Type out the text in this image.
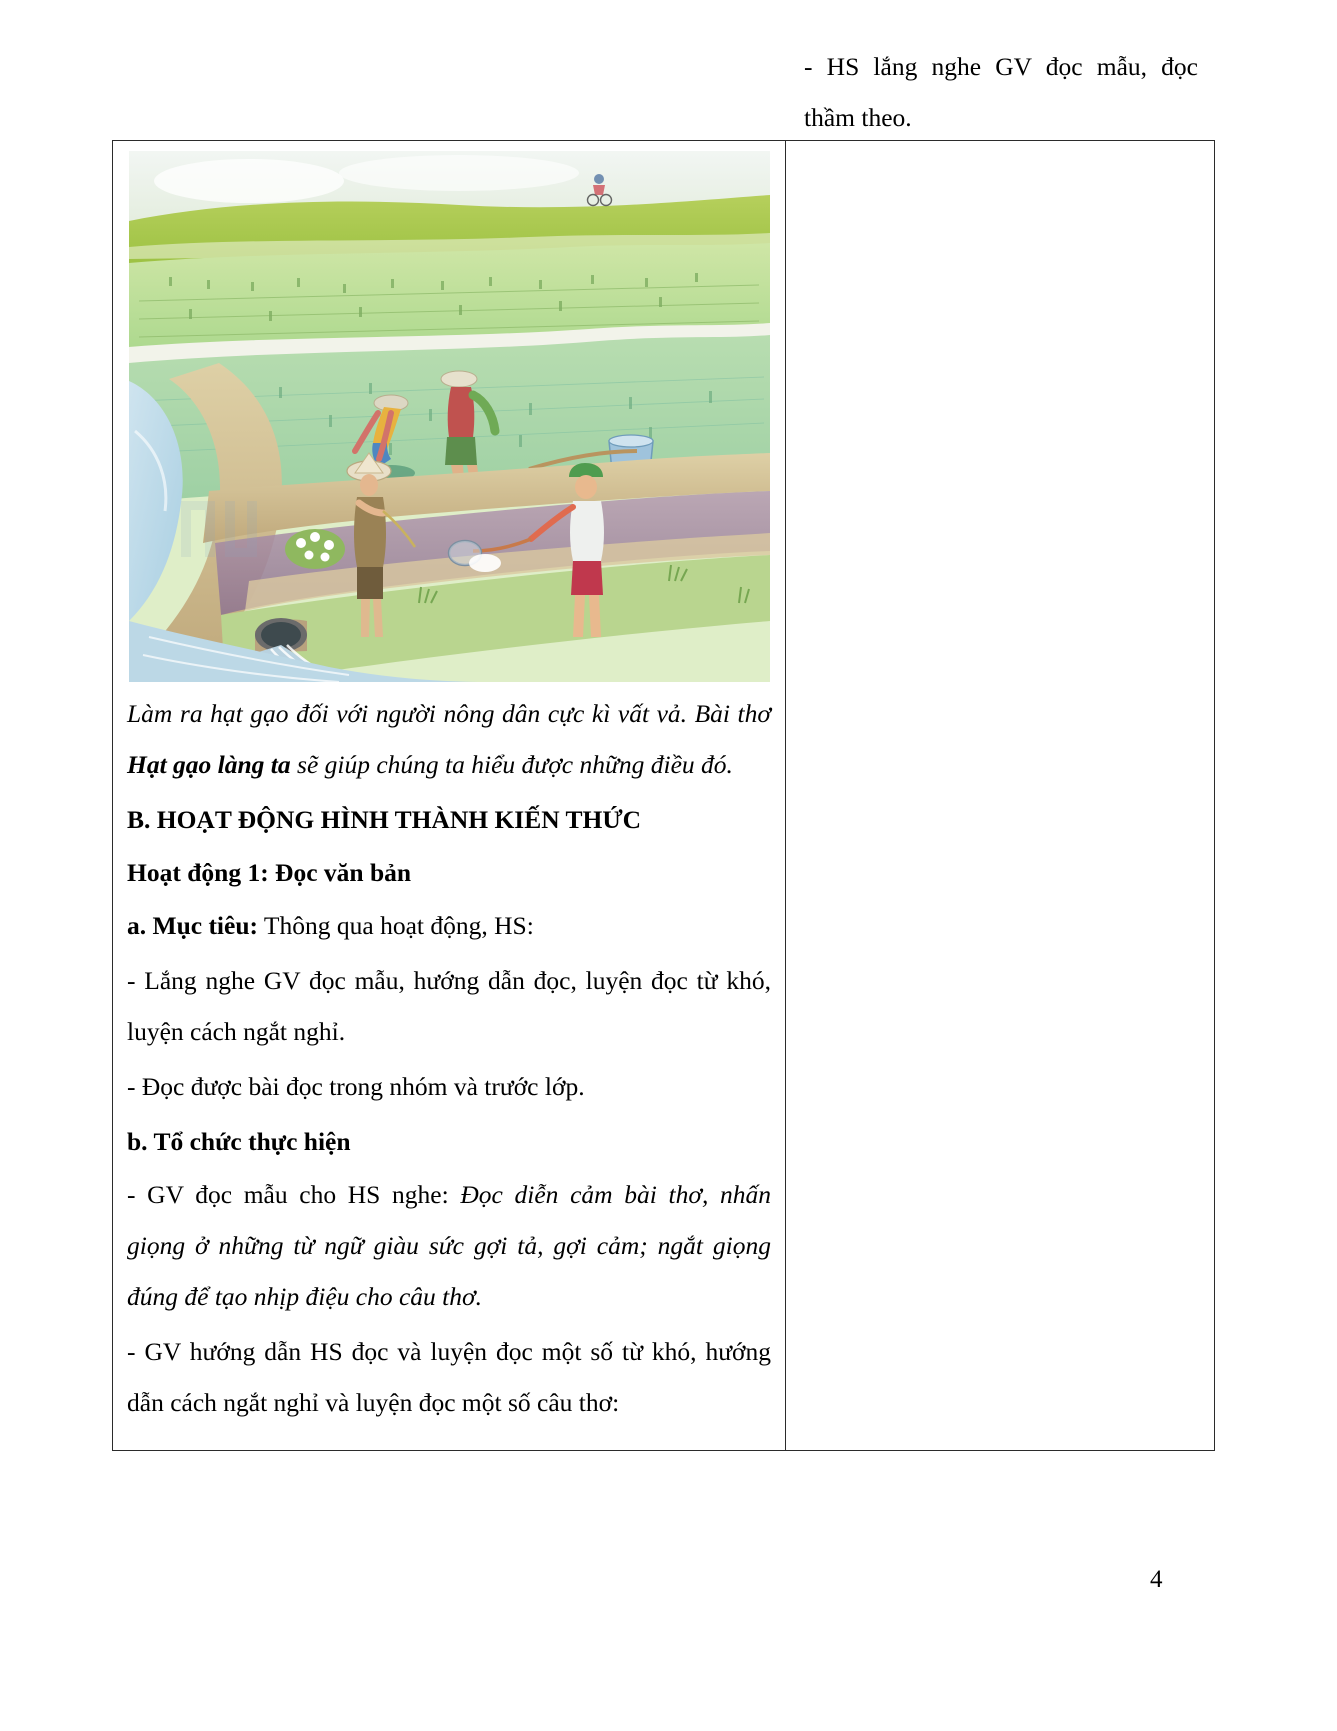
Làm ra hạt gạo đối với người nông dân cực kì vất vả. Bài thơ Hạt gạo làng ta sẽ giúp chúng ta hiểu được những điều đó.

B. HOẠT ĐỘNG HÌNH THÀNH KIẾN THỨC

Hoạt động 1: Đọc văn bản

a. Mục tiêu: Thông qua hoạt động, HS:

- Lắng nghe GV đọc mẫu, hướng dẫn đọc, luyện đọc từ khó, luyện cách ngắt nghỉ.

- Đọc được bài đọc trong nhóm và trước lớp.

b. Tổ chức thực hiện

- GV đọc mẫu cho HS nghe: Đọc diễn cảm bài thơ, nhấn giọng ở những từ ngữ giàu sức gợi tả, gợi cảm; ngắt giọng đúng để tạo nhịp điệu cho câu thơ.

- GV hướng dẫn HS đọc và luyện đọc một số từ khó, hướng dẫn cách ngắt nghỉ và luyện đọc một số câu thơ:

- HS lắng nghe GV đọc mẫu, đọc thầm theo.

4
